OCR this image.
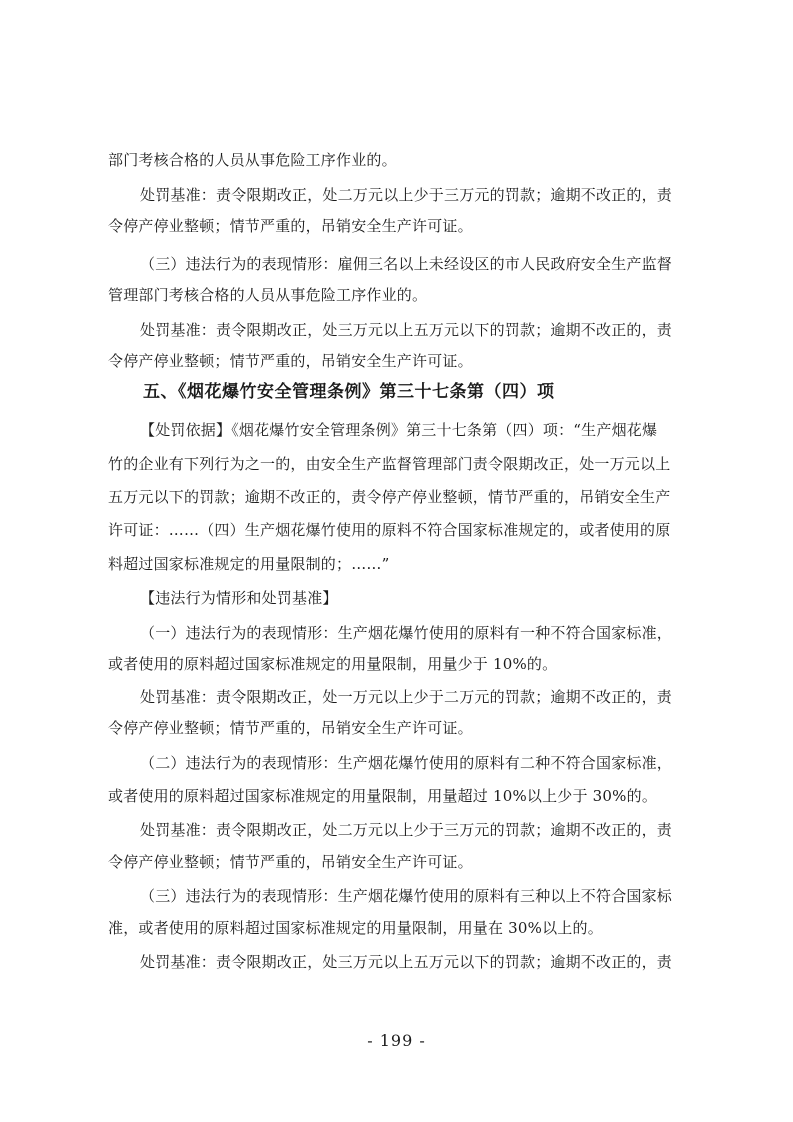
部门考核合格的人员从事危险工序作业的。
处罚基准：责令限期改正，处二万元以上少于三万元的罚款；逾期不改正的，责
令停产停业整顿；情节严重的，吊销安全生产许可证。
（三）违法行为的表现情形：雇佣三名以上未经设区的市人民政府安全生产监督
管理部门考核合格的人员从事危险工序作业的。
处罚基准：责令限期改正，处三万元以上五万元以下的罚款；逾期不改正的，责
令停产停业整顿；情节严重的，吊销安全生产许可证。
五、《烟花爆竹安全管理条例》第三十七条第（四）项
【处罚依据】《烟花爆竹安全管理条例》第三十七条第（四）项：“生产烟花爆
竹的企业有下列行为之一的，由安全生产监督管理部门责令限期改正，处一万元以上
五万元以下的罚款；逾期不改正的，责令停产停业整顿，情节严重的，吊销安全生产
许可证：……（四）生产烟花爆竹使用的原料不符合国家标准规定的，或者使用的原
料超过国家标准规定的用量限制的；……”
【违法行为情形和处罚基准】
（一）违法行为的表现情形：生产烟花爆竹使用的原料有一种不符合国家标准，
或者使用的原料超过国家标准规定的用量限制，用量少于 10%的。
处罚基准：责令限期改正，处一万元以上少于二万元的罚款；逾期不改正的，责
令停产停业整顿；情节严重的，吊销安全生产许可证。
（二）违法行为的表现情形：生产烟花爆竹使用的原料有二种不符合国家标准，
或者使用的原料超过国家标准规定的用量限制，用量超过 10%以上少于 30%的。
处罚基准：责令限期改正，处二万元以上少于三万元的罚款；逾期不改正的，责
令停产停业整顿；情节严重的，吊销安全生产许可证。
（三）违法行为的表现情形：生产烟花爆竹使用的原料有三种以上不符合国家标
准，或者使用的原料超过国家标准规定的用量限制，用量在 30%以上的。
处罚基准：责令限期改正，处三万元以上五万元以下的罚款；逾期不改正的，责
- 199 -
